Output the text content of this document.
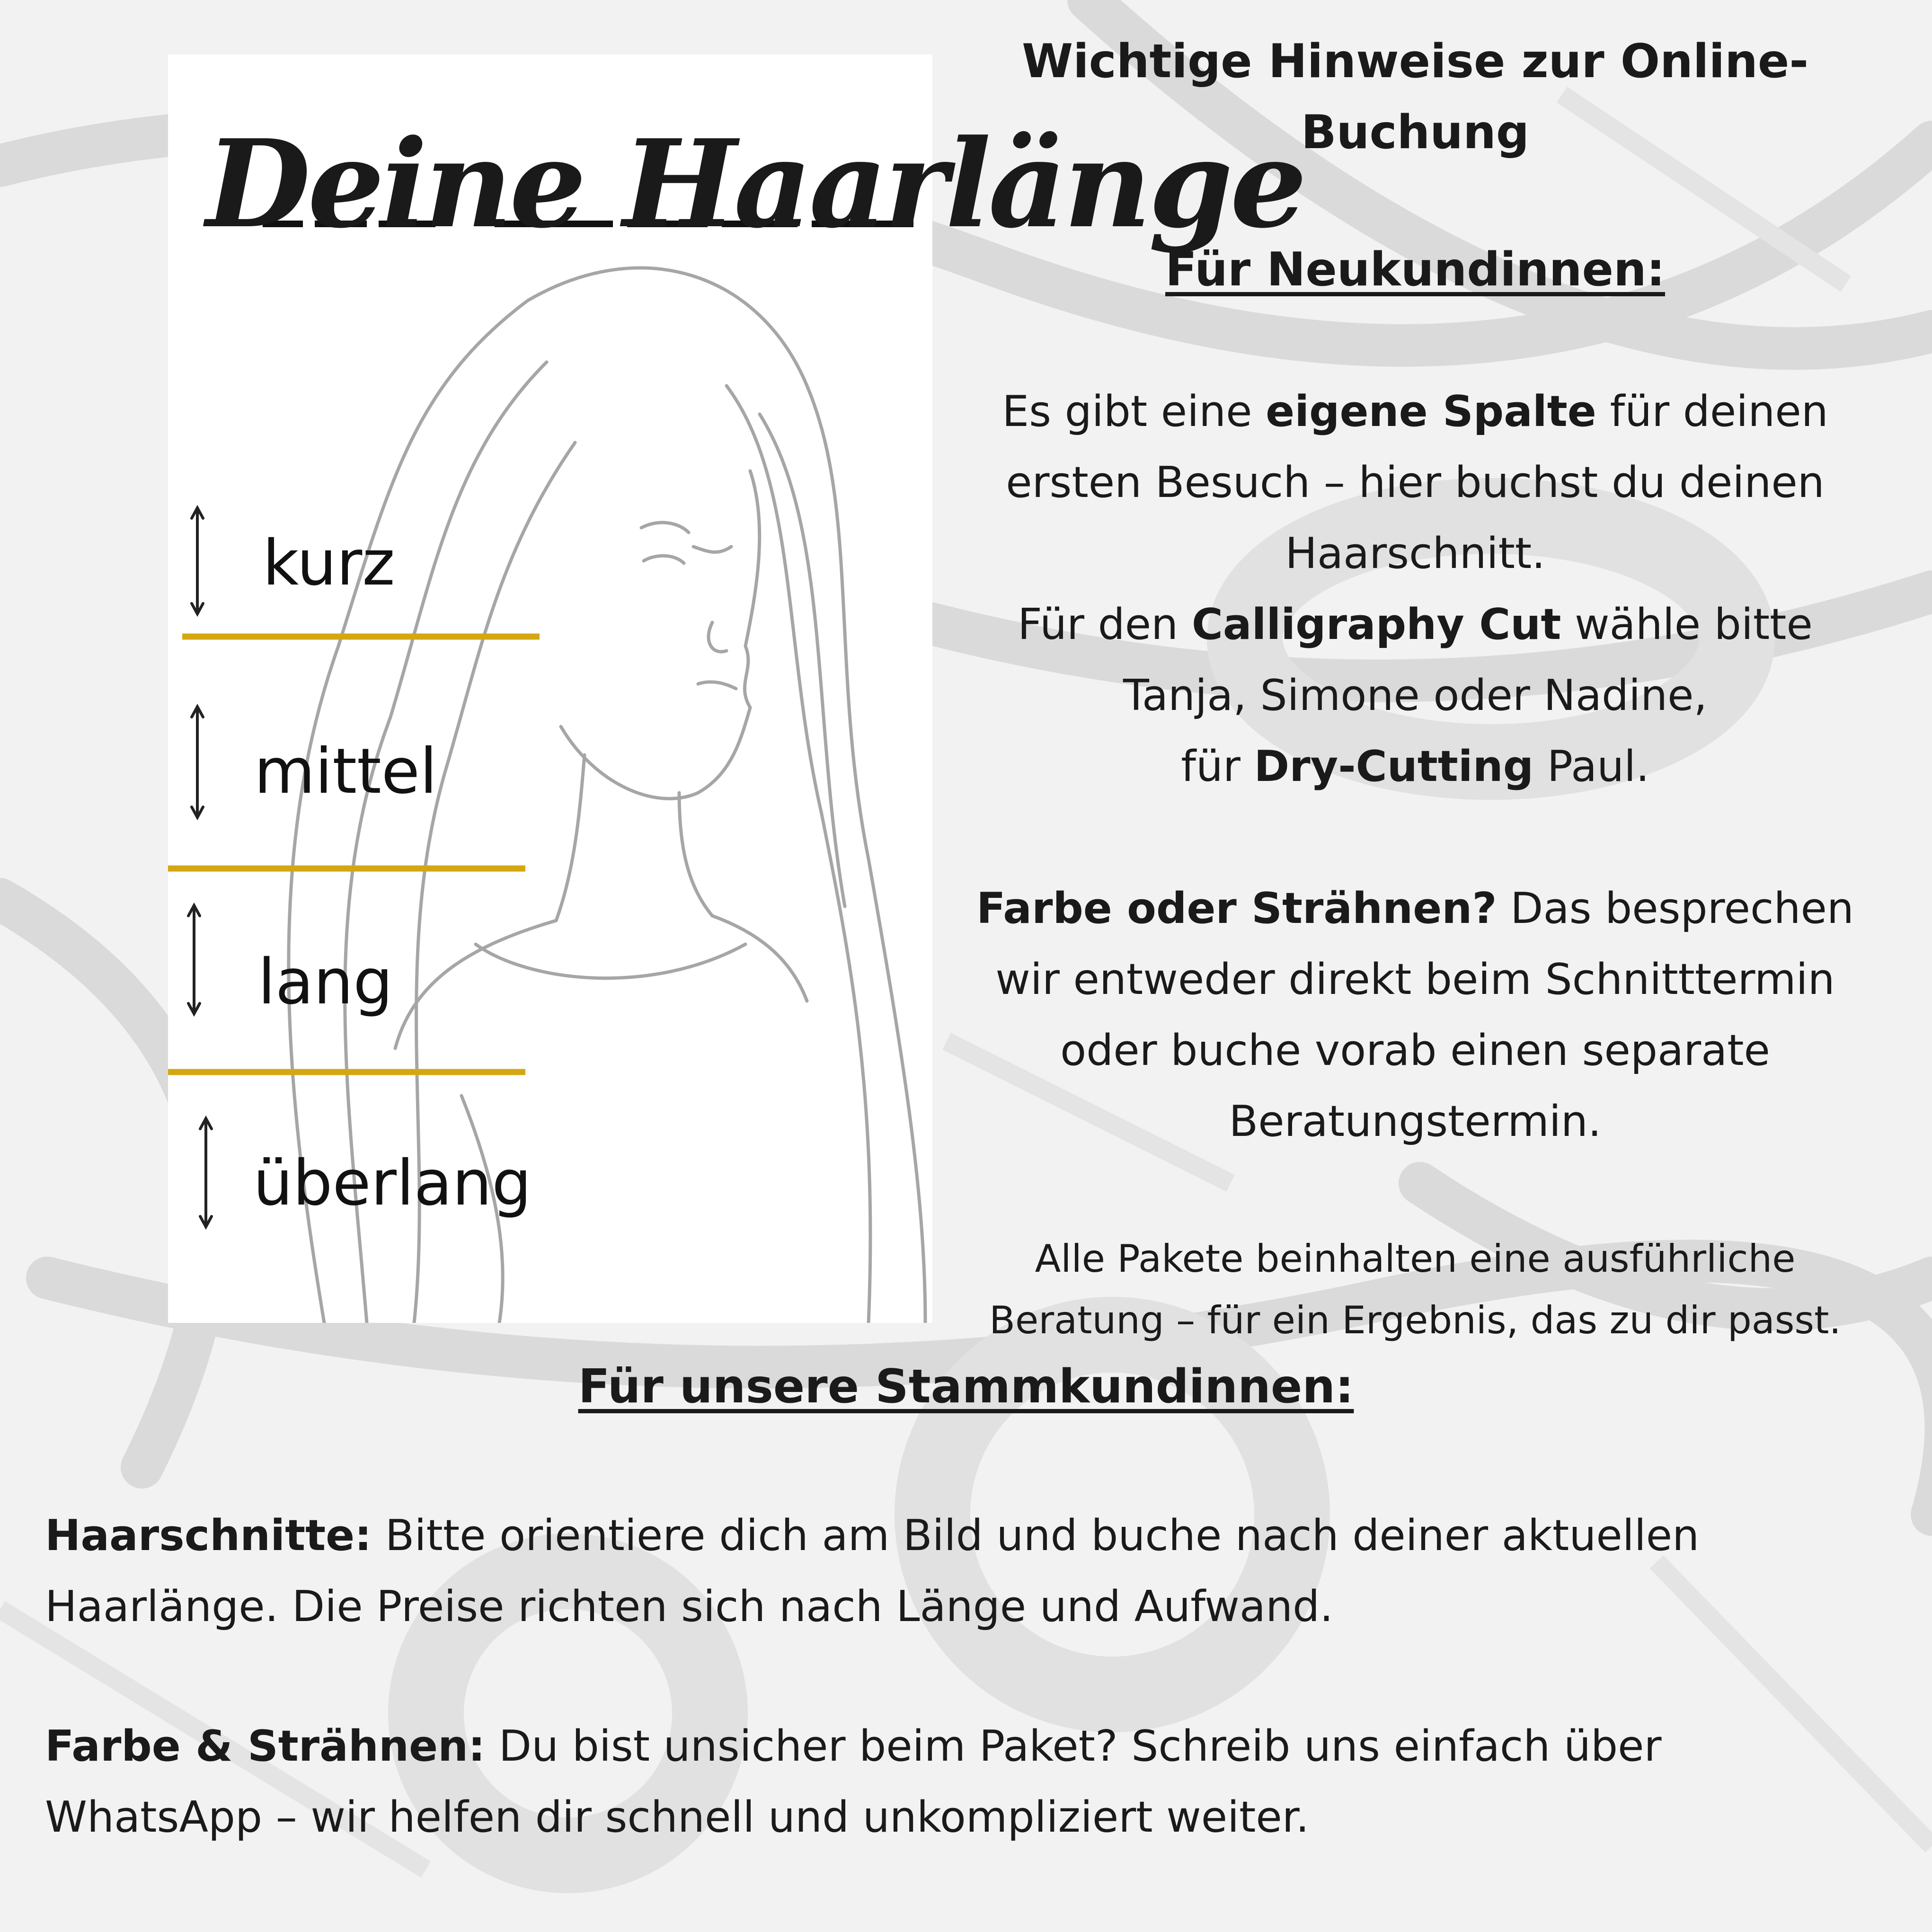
Deine Haarlänge
kurz
mittel
lang
überlang

Wichtige Hinweise zur Online-Buchung

Für Neukundinnen:

Es gibt eine eigene Spalte für deinen ersten Besuch – hier buchst du deinen Haarschnitt.
Für den Calligraphy Cut wähle bitte Tanja, Simone oder Nadine,
für Dry-Cutting Paul.

Farbe oder Strähnen? Das besprechen wir entweder direkt beim Schnitttermin oder buche vorab einen separate Beratungstermin.

Alle Pakete beinhalten eine ausführliche Beratung – für ein Ergebnis, das zu dir passt.

Für unsere Stammkundinnen:

Haarschnitte: Bitte orientiere dich am Bild und buche nach deiner aktuellen Haarlänge. Die Preise richten sich nach Länge und Aufwand.

Farbe & Strähnen: Du bist unsicher beim Paket? Schreib uns einfach über WhatsApp – wir helfen dir schnell und unkompliziert weiter.
